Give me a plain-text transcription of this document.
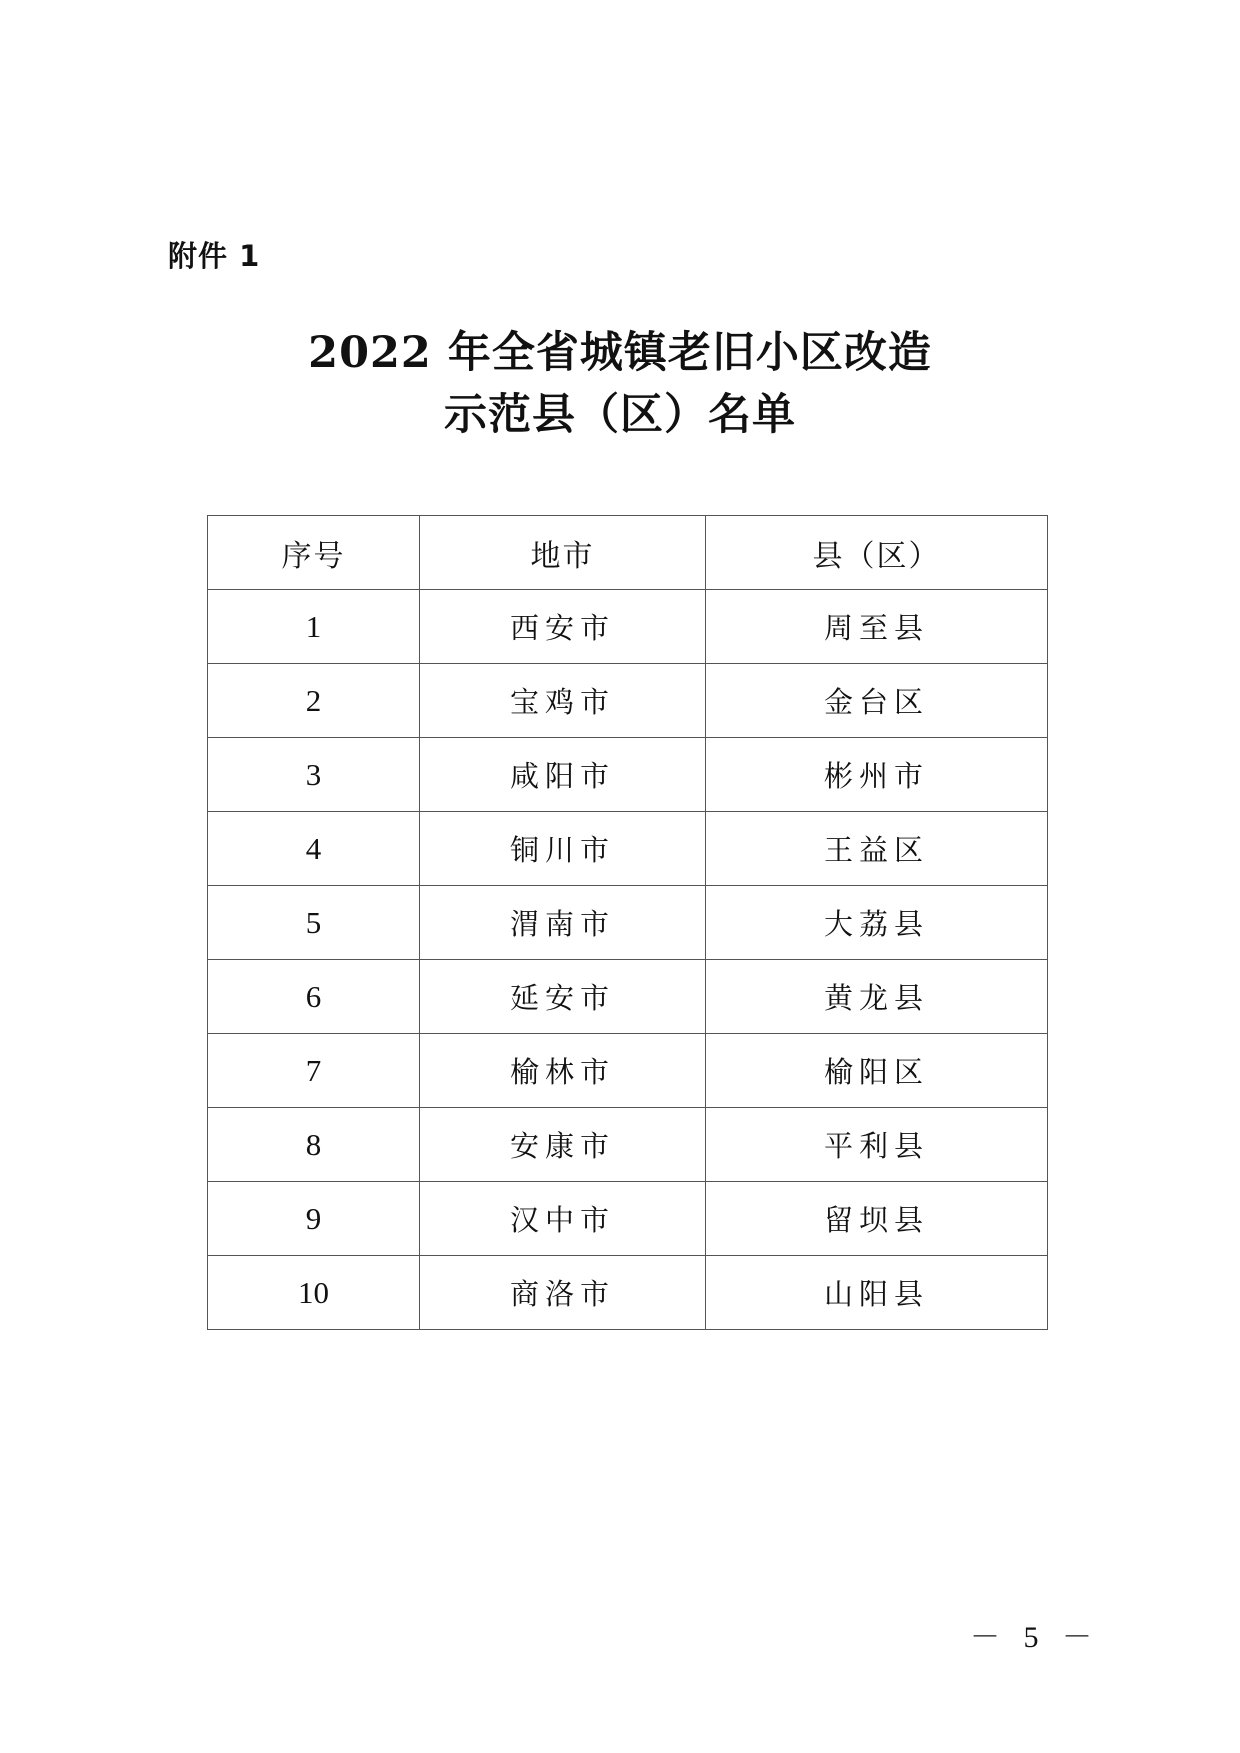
附件 1
2022 年全省城镇老旧小区改造
示范县（区）名单
序号	地市	县（区）
1	西安市	周至县
2	宝鸡市	金台区
3	咸阳市	彬州市
4	铜川市	王益区
5	渭南市	大荔县
6	延安市	黄龙县
7	榆林市	榆阳区
8	安康市	平利县
9	汉中市	留坝县
10	商洛市	山阳县
－ 5 －
